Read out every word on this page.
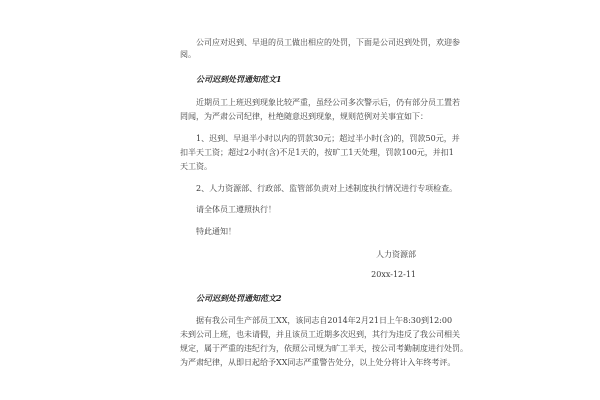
公司应对迟到、早退的员工做出相应的处罚，下面是公司迟到处罚，欢迎参
阅。
公司迟到处罚通知范文1
近期员工上班迟到现象比较严重，虽经公司多次警示后，仍有部分员工置若
罔闻，为严肃公司纪律，杜绝随意迟到现象，规则范例对关事宜如下：
1、迟到、早退半小时以内的罚款30元；超过半小时(含)的，罚款50元，并
扣半天工资；超过2小时(含)不足1天的，按旷工1天处理，罚款100元，并扣1
天工资。
2、人力资源部、行政部、监管部负责对上述制度执行情况进行专项检查。
请全体员工遵照执行！
特此通知！
人力资源部
20xx-12-11
公司迟到处罚通知范文2
据有我公司生产部员工XX，该同志自2014年2月21日上午8:30到12:00
未到公司上班，也未请假，并且该员工近期多次迟到，其行为违反了我公司相关
规定，属于严重的违纪行为，依照公司规为旷工半天，按公司考勤制度进行处罚。
为严肃纪律，从即日起给予XX同志严重警告处分，以上处分将计入年终考评。
